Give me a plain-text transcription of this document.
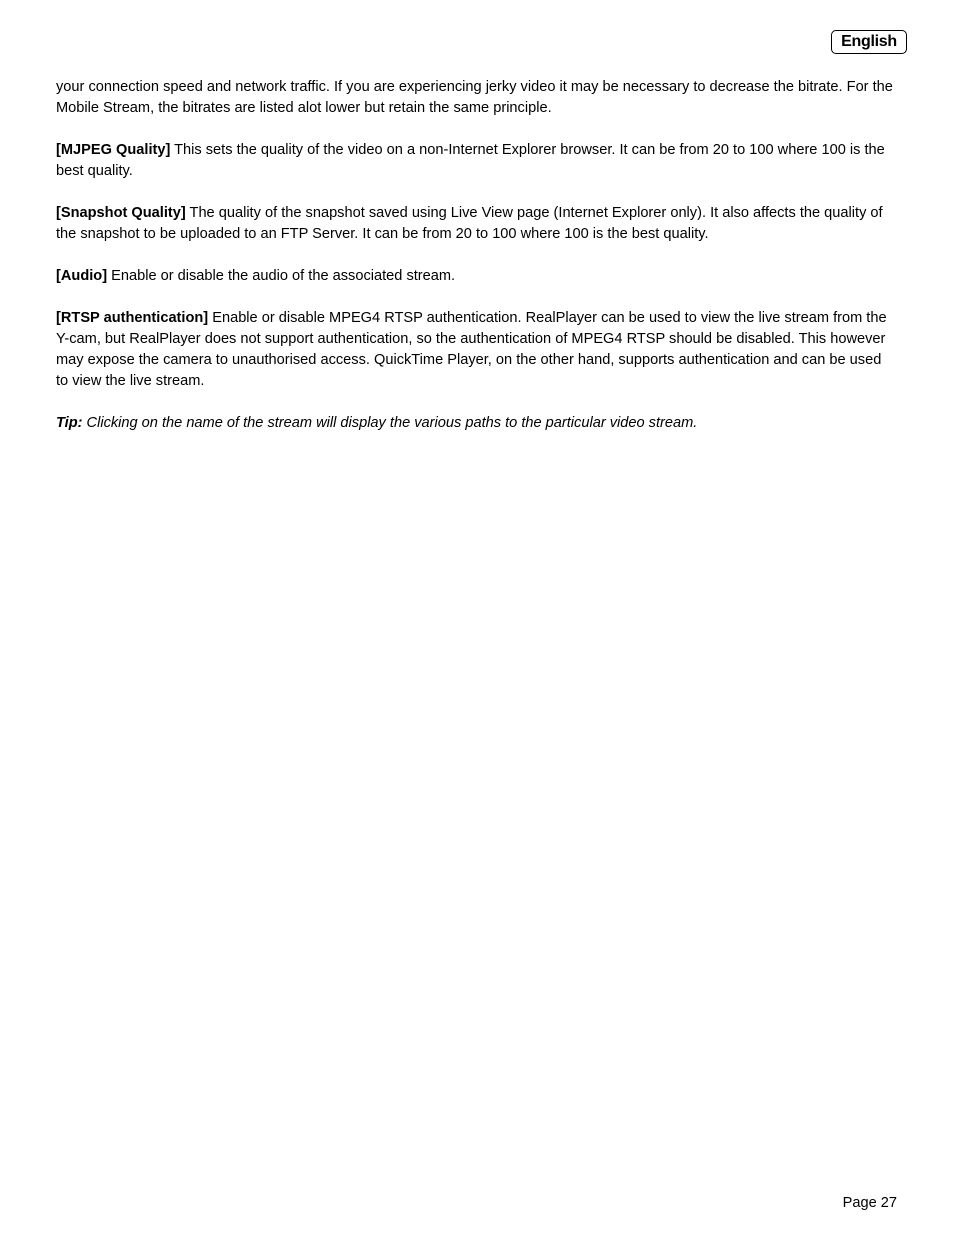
English

your connection speed and network traffic. If you are experiencing jerky video it may be necessary to decrease the bitrate. For the Mobile Stream, the bitrates are listed alot lower but retain the same principle.

[MJPEG Quality] This sets the quality of the video on a non-Internet Explorer browser. It can be from 20 to 100 where 100 is the best quality.

[Snapshot Quality] The quality of the snapshot saved using Live View page (Internet Explorer only). It also affects the quality of the snapshot to be uploaded to an FTP Server. It can be from 20 to 100 where 100 is the best quality.

[Audio] Enable or disable the audio of the associated stream.

[RTSP authentication] Enable or disable MPEG4 RTSP authentication. RealPlayer can be used to view the live stream from the Y-cam, but RealPlayer does not support authentication, so the authentication of MPEG4 RTSP should be disabled. This however may expose the camera to unauthorised access. QuickTime Player, on the other hand, supports authentication and can be used to view the live stream.

Tip: Clicking on the name of the stream will display the various paths to the particular video stream.

Page 27
